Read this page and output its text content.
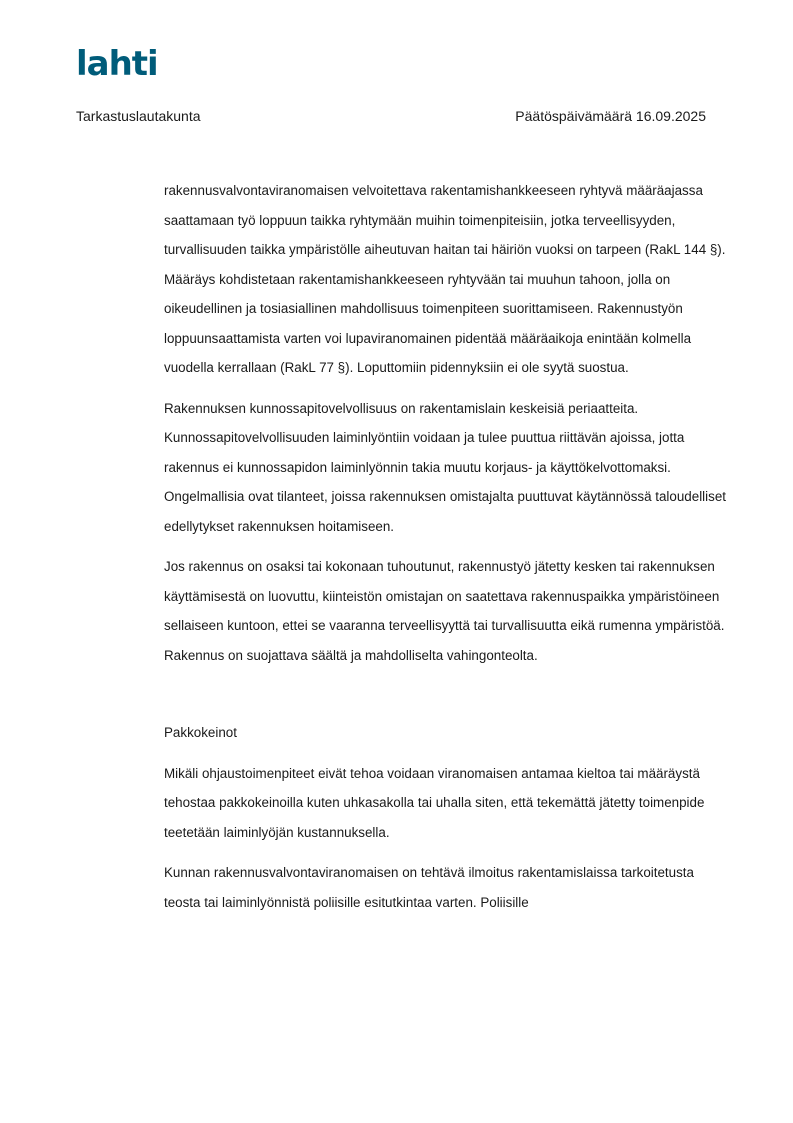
lahti
Tarkastuslautakunta	Päätöspäivämäärä 16.09.2025

rakennusvalvontaviranomaisen velvoitettava rakentamishankkeeseen ryhtyvä määräajassa saattamaan työ loppuun taikka ryhtymään muihin toimenpiteisiin, jotka terveellisyyden, turvallisuuden taikka ympäristölle aiheutuvan haitan tai häiriön vuoksi on tarpeen (RakL 144 §). Määräys kohdistetaan rakentamishankkeeseen ryhtyvään tai muuhun tahoon, jolla on oikeudellinen ja tosiasiallinen mahdollisuus toimenpiteen suorittamiseen. Rakennustyön loppuunsaattamista varten voi lupaviranomainen pidentää määräaikoja enintään kolmella vuodella kerrallaan (RakL 77 §). Loputtomiin pidennyksiin ei ole syytä suostua.

Rakennuksen kunnossapitovelvollisuus on rakentamislain keskeisiä periaatteita. Kunnossapitovelvollisuuden laiminlyöntiin voidaan ja tulee puuttua riittävän ajoissa, jotta rakennus ei kunnossapidon laiminlyönnin takia muutu korjaus- ja käyttökelvottomaksi. Ongelmallisia ovat tilanteet, joissa rakennuksen omistajalta puuttuvat käytännössä taloudelliset edellytykset rakennuksen hoitamiseen.

Jos rakennus on osaksi tai kokonaan tuhoutunut, rakennustyö jätetty kesken tai rakennuksen käyttämisestä on luovuttu, kiinteistön omistajan on saatettava rakennuspaikka ympäristöineen sellaiseen kuntoon, ettei se vaaranna terveellisyyttä tai turvallisuutta eikä rumenna ympäristöä. Rakennus on suojattava säältä ja mahdolliselta vahingonteolta.

Pakkokeinot

Mikäli ohjaustoimenpiteet eivät tehoa voidaan viranomaisen antamaa kieltoa tai määräystä tehostaa pakkokeinoilla kuten uhkasakolla tai uhalla siten, että tekemättä jätetty toimenpide teetetään laiminlyöjän kustannuksella.

Kunnan rakennusvalvontaviranomaisen on tehtävä ilmoitus rakentamislaissa tarkoitetusta teosta tai laiminlyönnistä poliisille esitutkintaa varten. Poliisille
